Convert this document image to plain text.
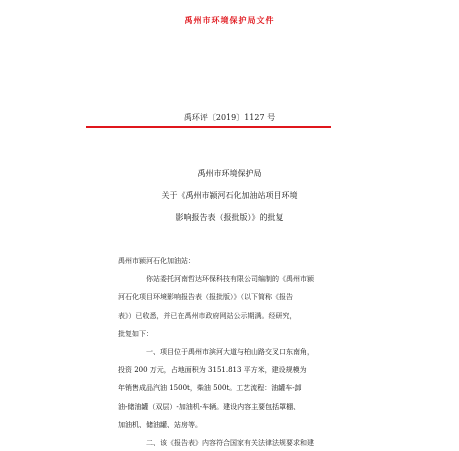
禹州市环境保护局文件
禹环评〔2019〕1127 号
禹州市环境保护局
关于《禹州市颍河石化加油站项目环境
影响报告表（报批版）》的批复
禹州市颍河石化加油站：
你站委托河南哲达环保科技有限公司编制的《禹州市颍
河石化项目环境影响报告表（报批版）》（以下简称《报告
表》）已收悉，并已在禹州市政府网站公示期满。经研究，
批复如下：
一、项目位于禹州市滨河大道与柏山路交叉口东南角，
投资 200 万元，占地面积为 3151.813 平方米，建设规模为
年销售成品汽油 1500t，柴油 500t。工艺流程：油罐车-卸
油-储油罐（双层）-加油机-车辆。建设内容主要包括罩棚、
加油机、储油罐、站房等。
二、该《报告表》内容符合国家有关法律法规要求和建
